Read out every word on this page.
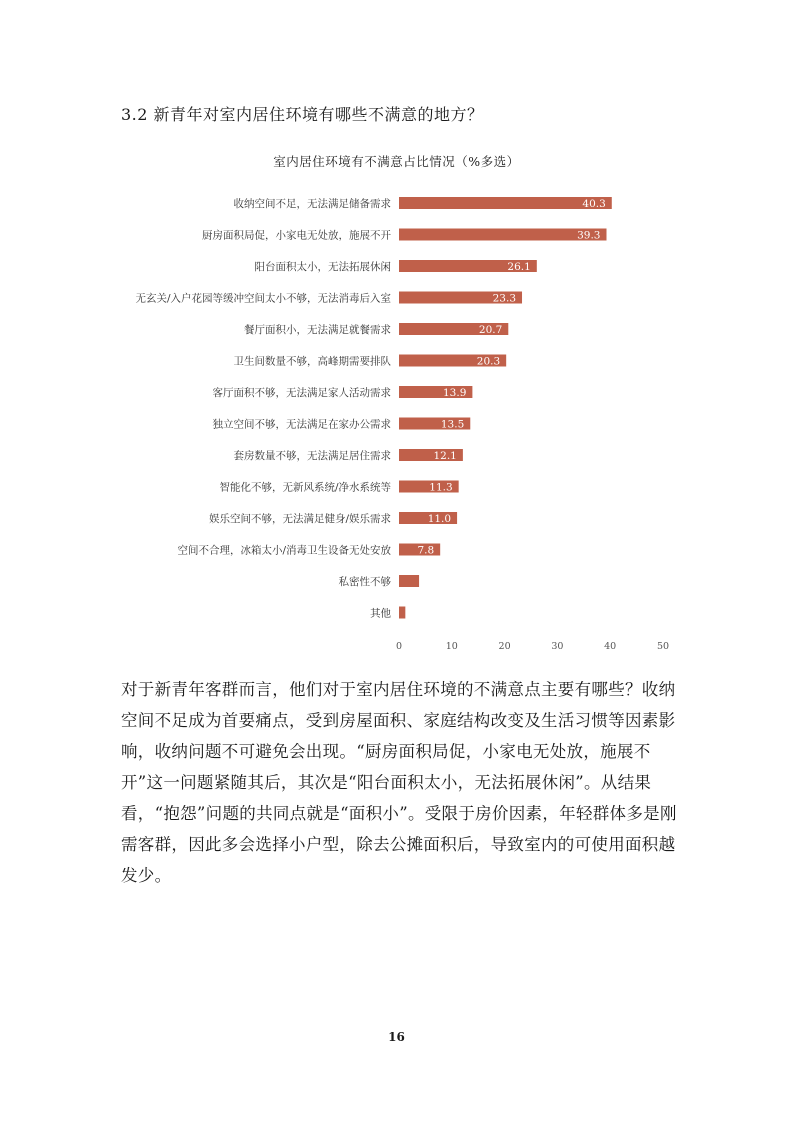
3.2 新青年对室内居住环境有哪些不满意的地方？
室内居住环境有不满意占比情况（%多选）
收纳空间不足，无法满足储备需求
厨房面积局促，小家电无处放，施展不开
阳台面积太小，无法拓展休闲
无玄关/入户花园等缓冲空间太小不够，无法消毒后入室
餐厅面积小，无法满足就餐需求
卫生间数量不够，高峰期需要排队
客厅面积不够，无法满足家人活动需求
独立空间不够，无法满足在家办公需求
套房数量不够，无法满足居住需求
智能化不够，无新风系统/净水系统等
娱乐空间不够，无法满足健身/娱乐需求
空间不合理，冰箱太小/消毒卫生设备无处安放
私密性不够
其他
40.3
39.3
26.1
23.3
20.7
20.3
13.9
13.5
12.1
11.3
11.0
7.8
0	10	20	30	40	50
对于新青年客群而言，他们对于室内居住环境的不满意点主要有哪些？收纳空间不足成为首要痛点，受到房屋面积、家庭结构改变及生活习惯等因素影响，收纳问题不可避免会出现。“厨房面积局促，小家电无处放，施展不开”这一问题紧随其后，其次是“阳台面积太小，无法拓展休闲”。从结果看，“抱怨”问题的共同点就是“面积小”。受限于房价因素，年轻群体多是刚需客群，因此多会选择小户型，除去公摊面积后，导致室内的可使用面积越发少。
16
